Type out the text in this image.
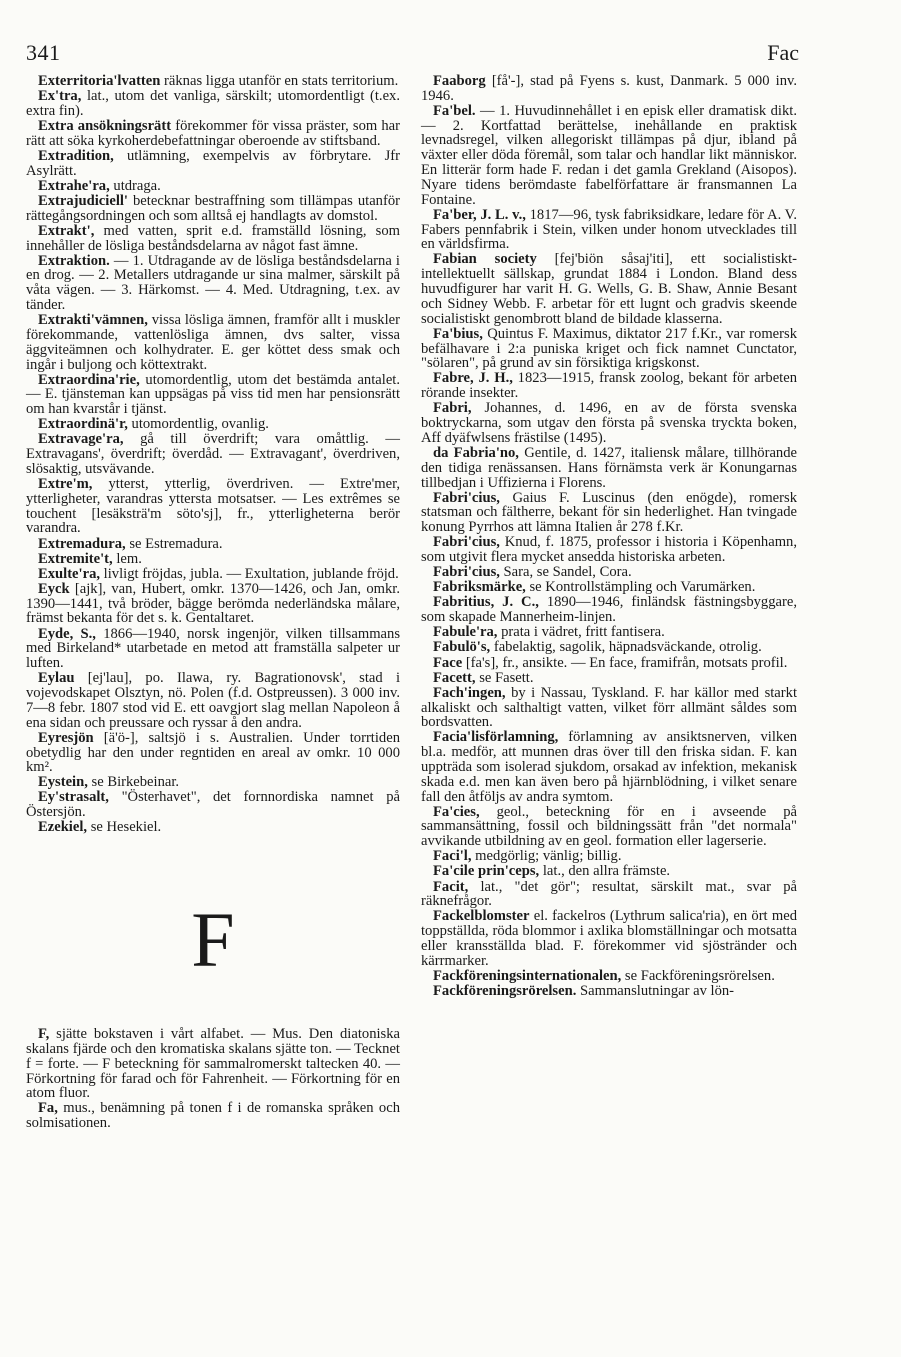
341	Fac

Exterritoria'lvatten räknas ligga utanför en stats territorium.

Ex'tra, lat., utom det vanliga, särskilt; utomordentligt (t.ex. extra fin).

Extra ansökningsrätt förekommer för vissa präster, som har rätt att söka kyrkoherdebefattningar oberoende av stiftsband.

Extradition, utlämning, exempelvis av förbrytare. Jfr Asylrätt.

Extrahe'ra, utdraga.

Extrajudiciell' betecknar bestraffning som tillämpas utanför rättegångsordningen och som alltså ej handlagts av domstol.

Extrakt', med vatten, sprit e.d. framställd lösning, som innehåller de lösliga beståndsdelarna av något fast ämne.

Extraktion. — 1. Utdragande av de lösliga beståndsdelarna i en drog. — 2. Metallers utdragande ur sina malmer, särskilt på våta vägen. — 3. Härkomst. — 4. Med. Utdragning, t.ex. av tänder.

Extrakti'vämnen, vissa lösliga ämnen, framför allt i muskler förekommande, vattenlösliga ämnen, dvs salter, vissa äggviteämnen och kolhydrater. E. ger köttet dess smak och ingår i buljong och köttextrakt.

Extraordina'rie, utomordentlig, utom det bestämda antalet. — E. tjänsteman kan uppsägas på viss tid men har pensionsrätt om han kvarstår i tjänst.

Extraordinä'r, utomordentlig, ovanlig.

Extravage'ra, gå till överdrift; vara omåttlig. — Extravagans', överdrift; överdåd. — Extravagant', överdriven, slösaktig, utsvävande.

Extre'm, ytterst, ytterlig, överdriven. — Extre'mer, ytterligheter, varandras yttersta motsatser. — Les extrêmes se touchent [lesäksträ'm söto'sj], fr., ytterligheterna berör varandra.

Extremadura, se Estremadura.

Extremite't, lem.

Exulte'ra, livligt fröjdas, jubla. — Exultation, jublande fröjd.

Eyck [ajk], van, Hubert, omkr. 1370—1426, och Jan, omkr. 1390—1441, två bröder, bägge berömda nederländska målare, främst bekanta för det s. k. Gentaltaret.

Eyde, S., 1866—1940, norsk ingenjör, vilken tillsammans med Birkeland* utarbetade en metod att framställa salpeter ur luften.

Eylau [ej'lau], po. Ilawa, ry. Bagrationovsk', stad i vojevodskapet Olsztyn, nö. Polen (f.d. Ostpreussen). 3 000 inv. 7—8 febr. 1807 stod vid E. ett oavgjort slag mellan Napoleon å ena sidan och preussare och ryssar å den andra.

Eyresjön [ä'ö-], saltsjö i s. Australien. Under torrtiden obetydlig har den under regntiden en areal av omkr. 10 000 km².

Eystein, se Birkebeinar.

Ey'strasalt, "Österhavet", det fornnordiska namnet på Östersjön.

Ezekiel, se Hesekiel.

F

F, sjätte bokstaven i vårt alfabet. — Mus. Den diatoniska skalans fjärde och den kromatiska skalans sjätte ton. — Tecknet f = forte. — F beteckning för sammalromerskt taltecken 40. — Förkortning för farad och för Fahrenheit. — Förkortning för en atom fluor.

Fa, mus., benämning på tonen f i de romanska språken och solmisationen.

Faaborg [få'-], stad på Fyens s. kust, Danmark. 5 000 inv. 1946.

Fa'bel. — 1. Huvudinnehållet i en episk eller dramatisk dikt. — 2. Kortfattad berättelse, inehållande en praktisk levnadsregel, vilken allegoriskt tillämpas på djur, ibland på växter eller döda föremål, som talar och handlar likt människor. En litterär form hade F. redan i det gamla Grekland (Aisopos). Nyare tidens berömdaste fabelförfattare är fransmannen La Fontaine.

Fa'ber, J. L. v., 1817—96, tysk fabriksidkare, ledare för A. V. Fabers pennfabrik i Stein, vilken under honom utvecklades till en världsfirma.

Fabian society [fej'biön såsaj'iti], ett socialistiskt-intellektuellt sällskap, grundat 1884 i London. Bland dess huvudfigurer har varit H. G. Wells, G. B. Shaw, Annie Besant och Sidney Webb. F. arbetar för ett lugnt och gradvis skeende socialistiskt genombrott bland de bildade klasserna.

Fa'bius, Quintus F. Maximus, diktator 217 f.Kr., var romersk befälhavare i 2:a puniska kriget och fick namnet Cunctator, "sölaren", på grund av sin försiktiga krigskonst.

Fabre, J. H., 1823—1915, fransk zoolog, bekant för arbeten rörande insekter.

Fabri, Johannes, d. 1496, en av de första svenska boktryckarna, som utgav den första på svenska tryckta boken, Aff dyäfwlsens frästilse (1495).

da Fabria'no, Gentile, d. 1427, italiensk målare, tillhörande den tidiga renässansen. Hans förnämsta verk är Konungarnas tillbedjan i Uffizierna i Florens.

Fabri'cius, Gaius F. Luscinus (den enögde), romersk statsman och fältherre, bekant för sin hederlighet. Han tvingade konung Pyrrhos att lämna Italien år 278 f.Kr.

Fabri'cius, Knud, f. 1875, professor i historia i Köpenhamn, som utgivit flera mycket ansedda historiska arbeten.

Fabri'cius, Sara, se Sandel, Cora.

Fabriksmärke, se Kontrollstämpling och Varumärken.

Fabritius, J. C., 1890—1946, finländsk fästningsbyggare, som skapade Mannerheim-linjen.

Fabule'ra, prata i vädret, fritt fantisera.

Fabulö's, fabelaktig, sagolik, häpnadsväckande, otrolig.

Face [fa's], fr., ansikte. — En face, framifrån, motsats profil.

Facett, se Fasett.

Fach'ingen, by i Nassau, Tyskland. F. har källor med starkt alkaliskt och salthaltigt vatten, vilket förr allmänt såldes som bordsvatten.

Facia'lisförlamning, förlamning av ansiktsnerven, vilken bl.a. medför, att munnen dras över till den friska sidan. F. kan uppträda som isolerad sjukdom, orsakad av infektion, mekanisk skada e.d. men kan även bero på hjärnblödning, i vilket senare fall den åtföljs av andra symtom.

Fa'cies, geol., beteckning för en i avseende på sammansättning, fossil och bildningssätt från "det normala" avvikande utbildning av en geol. formation eller lagerserie.

Faci'l, medgörlig; vänlig; billig.

Fa'cile prin'ceps, lat., den allra främste.

Facit, lat., "det gör"; resultat, särskilt mat., svar på räknefrågor.

Fackelblomster el. fackelros (Lythrum salica'ria), en ört med toppställda, röda blommor i axlika blomställningar och motsatta eller kransställda blad. F. förekommer vid sjöstränder och kärrmarker.

Fackföreningsinternationalen, se Fackföreningsrörelsen.

Fackföreningsrörelsen. Sammanslutningar av lön-
